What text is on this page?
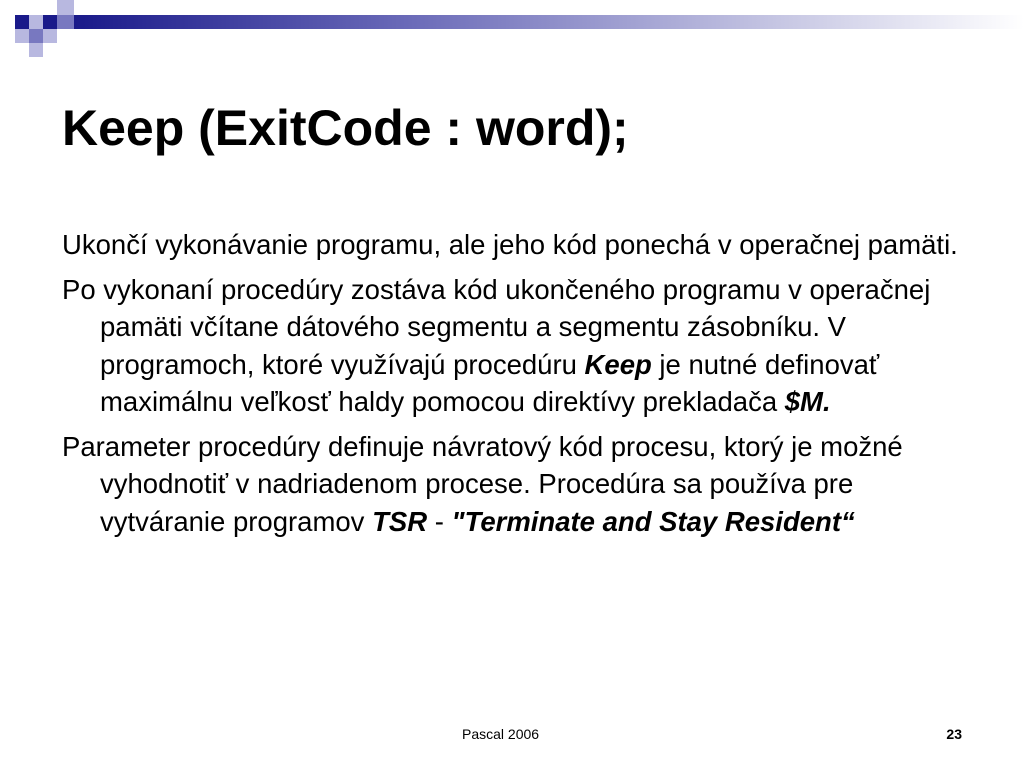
Keep (ExitCode : word);

Ukončí vykonávanie programu, ale jeho kód ponechá v operačnej pamäti.

Po vykonaní procedúry zostáva kód ukončeného programu v operačnej pamäti včítane dátového segmentu a segmentu zásobníku. V programoch, ktoré využívajú procedúru Keep je nutné definovať maximálnu veľkosť haldy pomocou direktívy prekladača $M.

Parameter procedúry definuje návratový kód procesu, ktorý je možné vyhodnotiť v nadriadenom procese. Procedúra sa používa pre vytváranie programov TSR - "Terminate and Stay Resident“

Pascal 2006	23
